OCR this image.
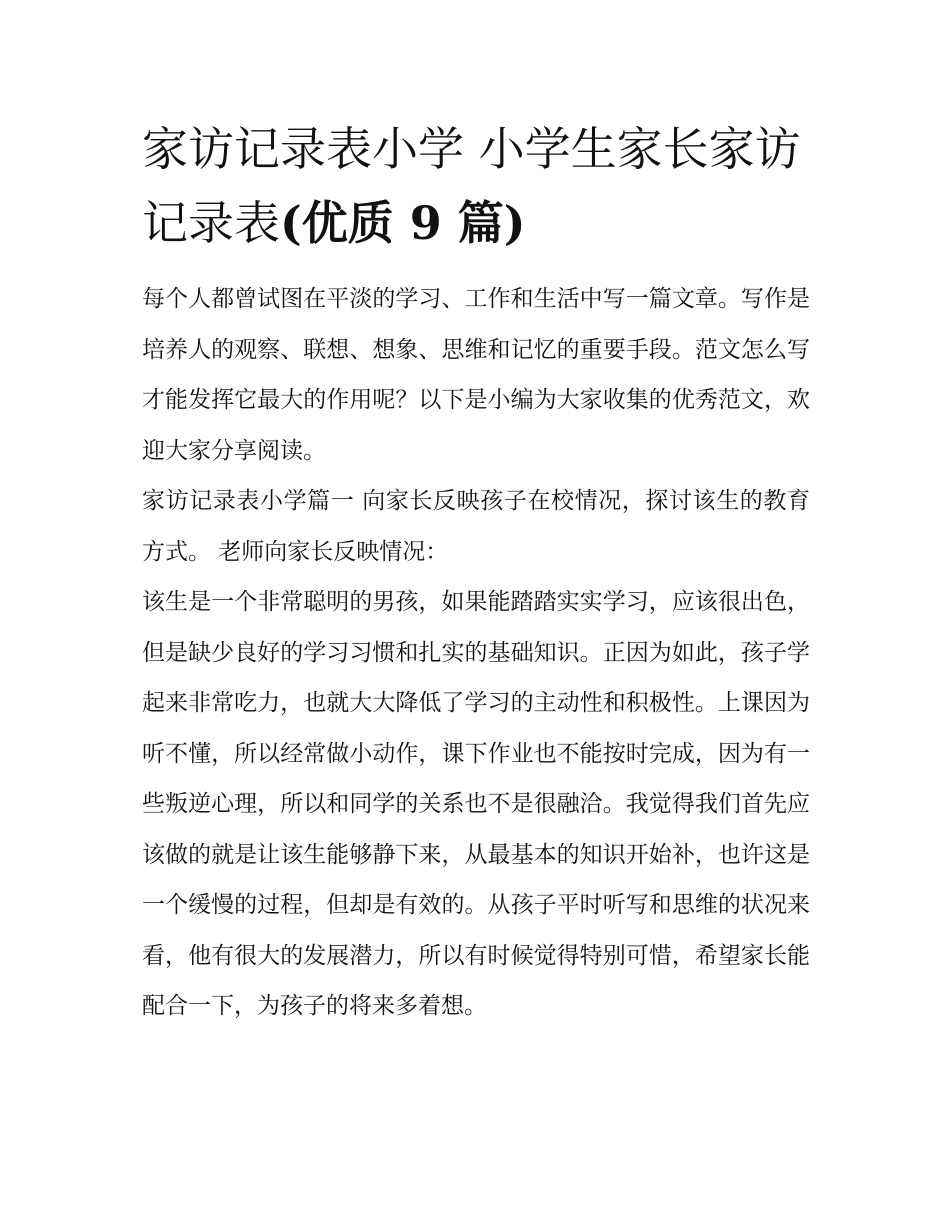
家访记录表小学 小学生家长家访记录表(优质 9 篇)

每个人都曾试图在平淡的学习、工作和生活中写一篇文章。写作是培养人的观察、联想、想象、思维和记忆的重要手段。范文怎么写才能发挥它最大的作用呢？以下是小编为大家收集的优秀范文，欢迎大家分享阅读。

家访记录表小学篇一 向家长反映孩子在校情况，探讨该生的教育方式。 老师向家长反映情况：

该生是一个非常聪明的男孩，如果能踏踏实实学习，应该很出色，但是缺少良好的学习习惯和扎实的基础知识。正因为如此，孩子学起来非常吃力，也就大大降低了学习的主动性和积极性。上课因为听不懂，所以经常做小动作，课下作业也不能按时完成，因为有一些叛逆心理，所以和同学的关系也不是很融洽。我觉得我们首先应该做的就是让该生能够静下来，从最基本的知识开始补，也许这是一个缓慢的过程，但却是有效的。从孩子平时听写和思维的状况来看，他有很大的发展潜力，所以有时候觉得特别可惜，希望家长能配合一下，为孩子的将来多着想。
